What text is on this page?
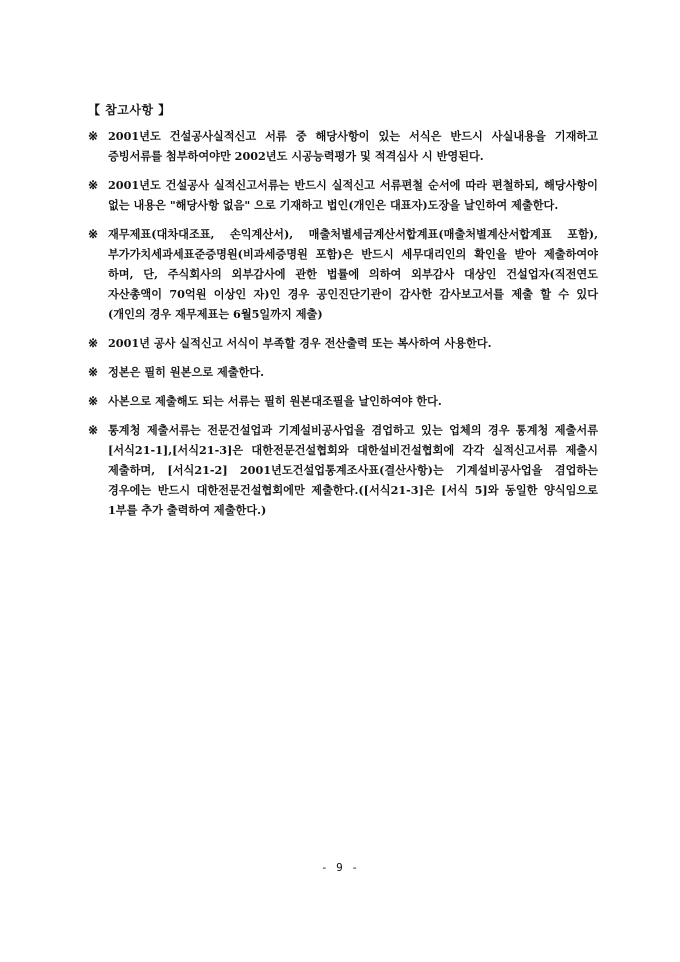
【 참고사항 】
※ 2001년도 건설공사실적신고 서류 중 해당사항이 있는 서식은 반드시 사실내용을 기재하고 증빙서류를 첨부하여야만 2002년도 시공능력평가 및 적격심사 시 반영된다.
※ 2001년도 건설공사 실적신고서류는 반드시 실적신고 서류편철 순서에 따라 편철하되, 해당사항이 없는 내용은 "해당사항 없음" 으로 기재하고 법인(개인은 대표자)도장을 날인하여 제출한다.
※ 재무제표(대차대조표, 손익계산서), 매출처별세금계산서합계표(매출처별계산서합계표 포함), 부가가치세과세표준증명원(비과세증명원 포함)은 반드시 세무대리인의 확인을 받아 제출하여야 하며, 단, 주식회사의 외부감사에 관한 법률에 의하여 외부감사 대상인 건설업자(직전연도 자산총액이 70억원 이상인 자)인 경우 공인진단기관이 감사한 감사보고서를 제출 할 수 있다(개인의 경우 재무제표는 6월5일까지 제출)
※ 2001년 공사 실적신고 서식이 부족할 경우 전산출력 또는 복사하여 사용한다.
※ 정본은 필히 원본으로 제출한다.
※ 사본으로 제출해도 되는 서류는 필히 원본대조필을 날인하여야 한다.
※ 통계청 제출서류는 전문건설업과 기계설비공사업을 겸업하고 있는 업체의 경우 통계청 제출서류[서식21-1],[서식21-3]은 대한전문건설협회와 대한설비건설협회에 각각 실적신고서류 제출시 제출하며, [서식21-2] 2001년도건설업통계조사표(결산사항)는 기계설비공사업을 겸업하는 경우에는 반드시 대한전문건설협회에만 제출한다.([서식21-3]은 [서식 5]와 동일한 양식임으로 1부를 추가 출력하여 제출한다.)
- 9 -
